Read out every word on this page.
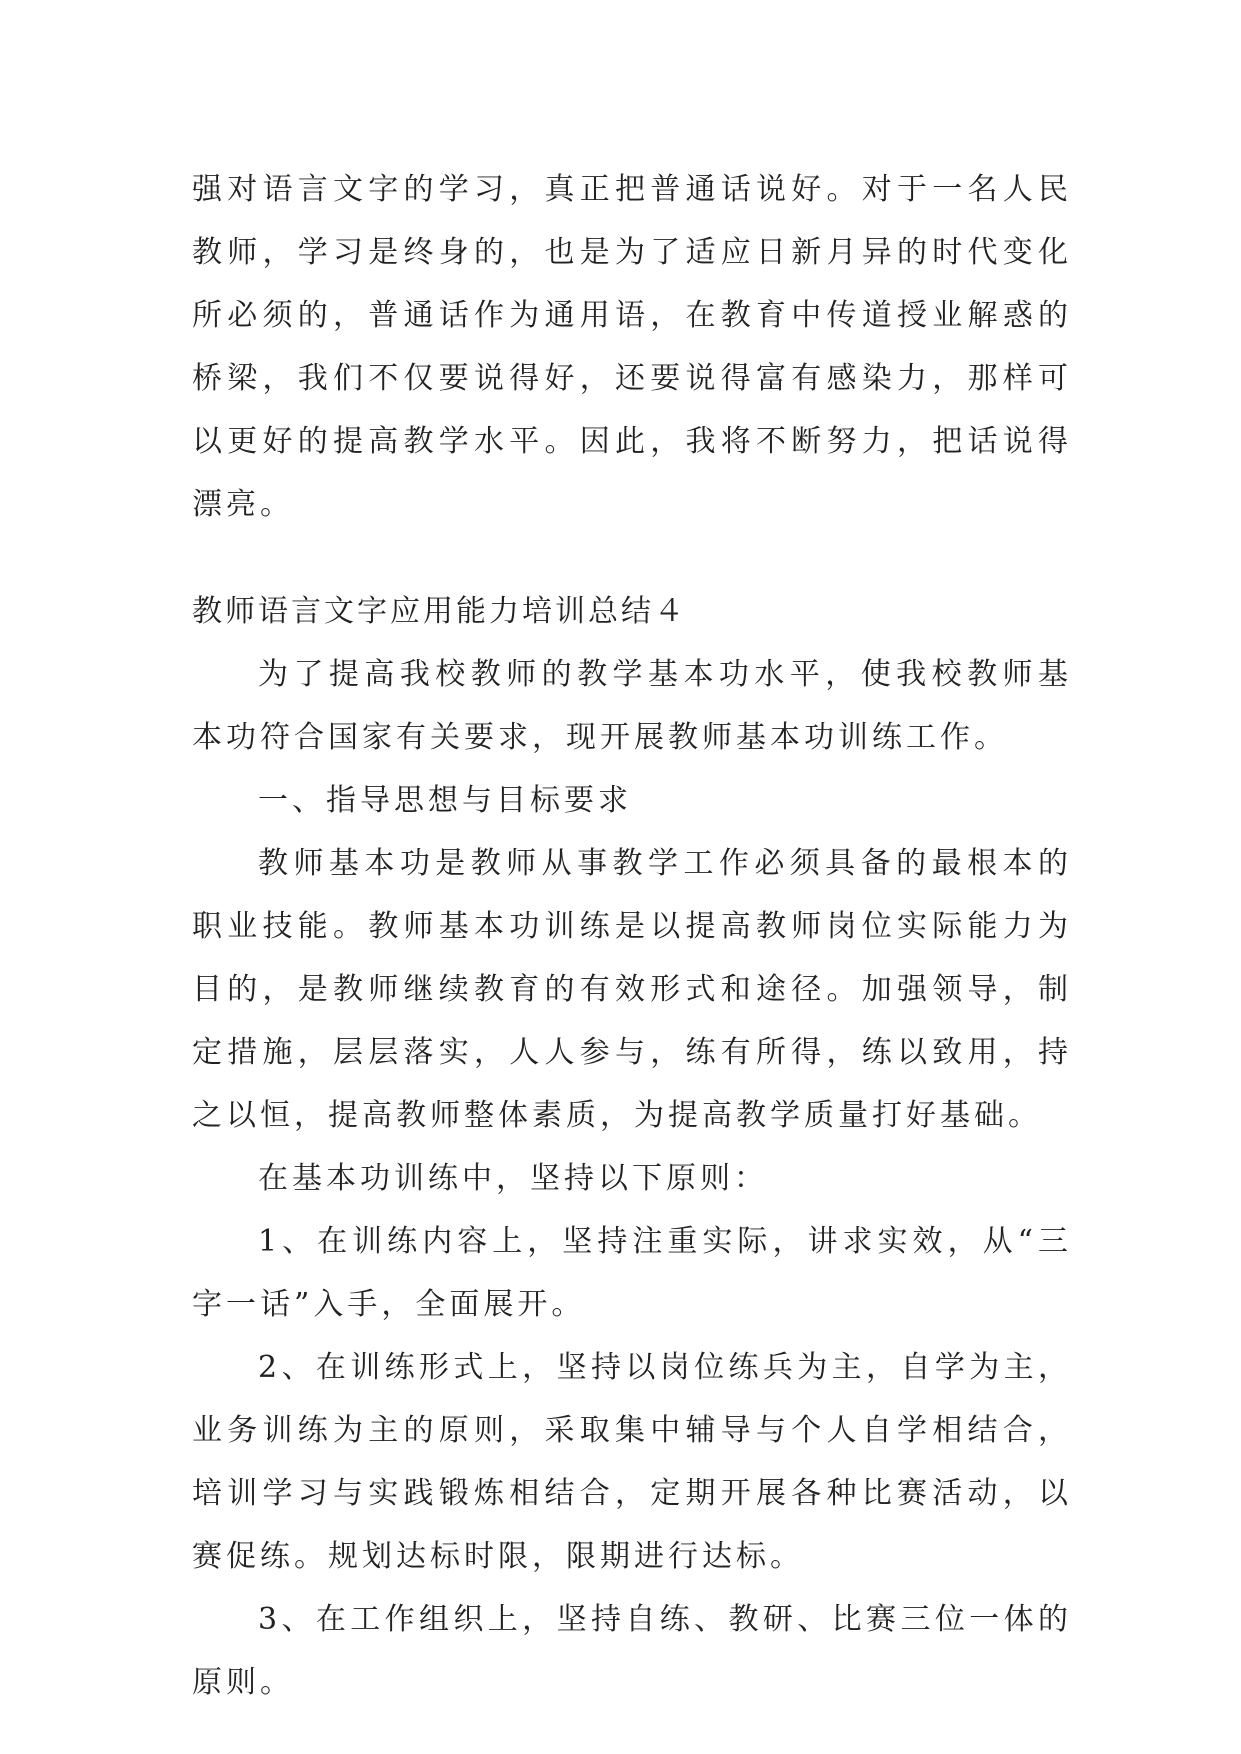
强对语言文字的学习，真正把普通话说好。对于一名人民教师，学习是终身的，也是为了适应日新月异的时代变化所必须的，普通话作为通用语，在教育中传道授业解惑的桥梁，我们不仅要说得好，还要说得富有感染力，那样可以更好的提高教学水平。因此，我将不断努力，把话说得漂亮。

教师语言文字应用能力培训总结４

为了提高我校教师的教学基本功水平，使我校教师基本功符合国家有关要求，现开展教师基本功训练工作。

一、指导思想与目标要求

教师基本功是教师从事教学工作必须具备的最根本的职业技能。教师基本功训练是以提高教师岗位实际能力为目的，是教师继续教育的有效形式和途径。加强领导，制定措施，层层落实，人人参与，练有所得，练以致用，持之以恒，提高教师整体素质，为提高教学质量打好基础。

在基本功训练中，坚持以下原则：

1、在训练内容上，坚持注重实际，讲求实效，从“三字一话”入手，全面展开。

2、在训练形式上，坚持以岗位练兵为主，自学为主，业务训练为主的原则，采取集中辅导与个人自学相结合，培训学习与实践锻炼相结合，定期开展各种比赛活动，以赛促练。规划达标时限，限期进行达标。

3、在工作组织上，坚持自练、教研、比赛三位一体的原则。
